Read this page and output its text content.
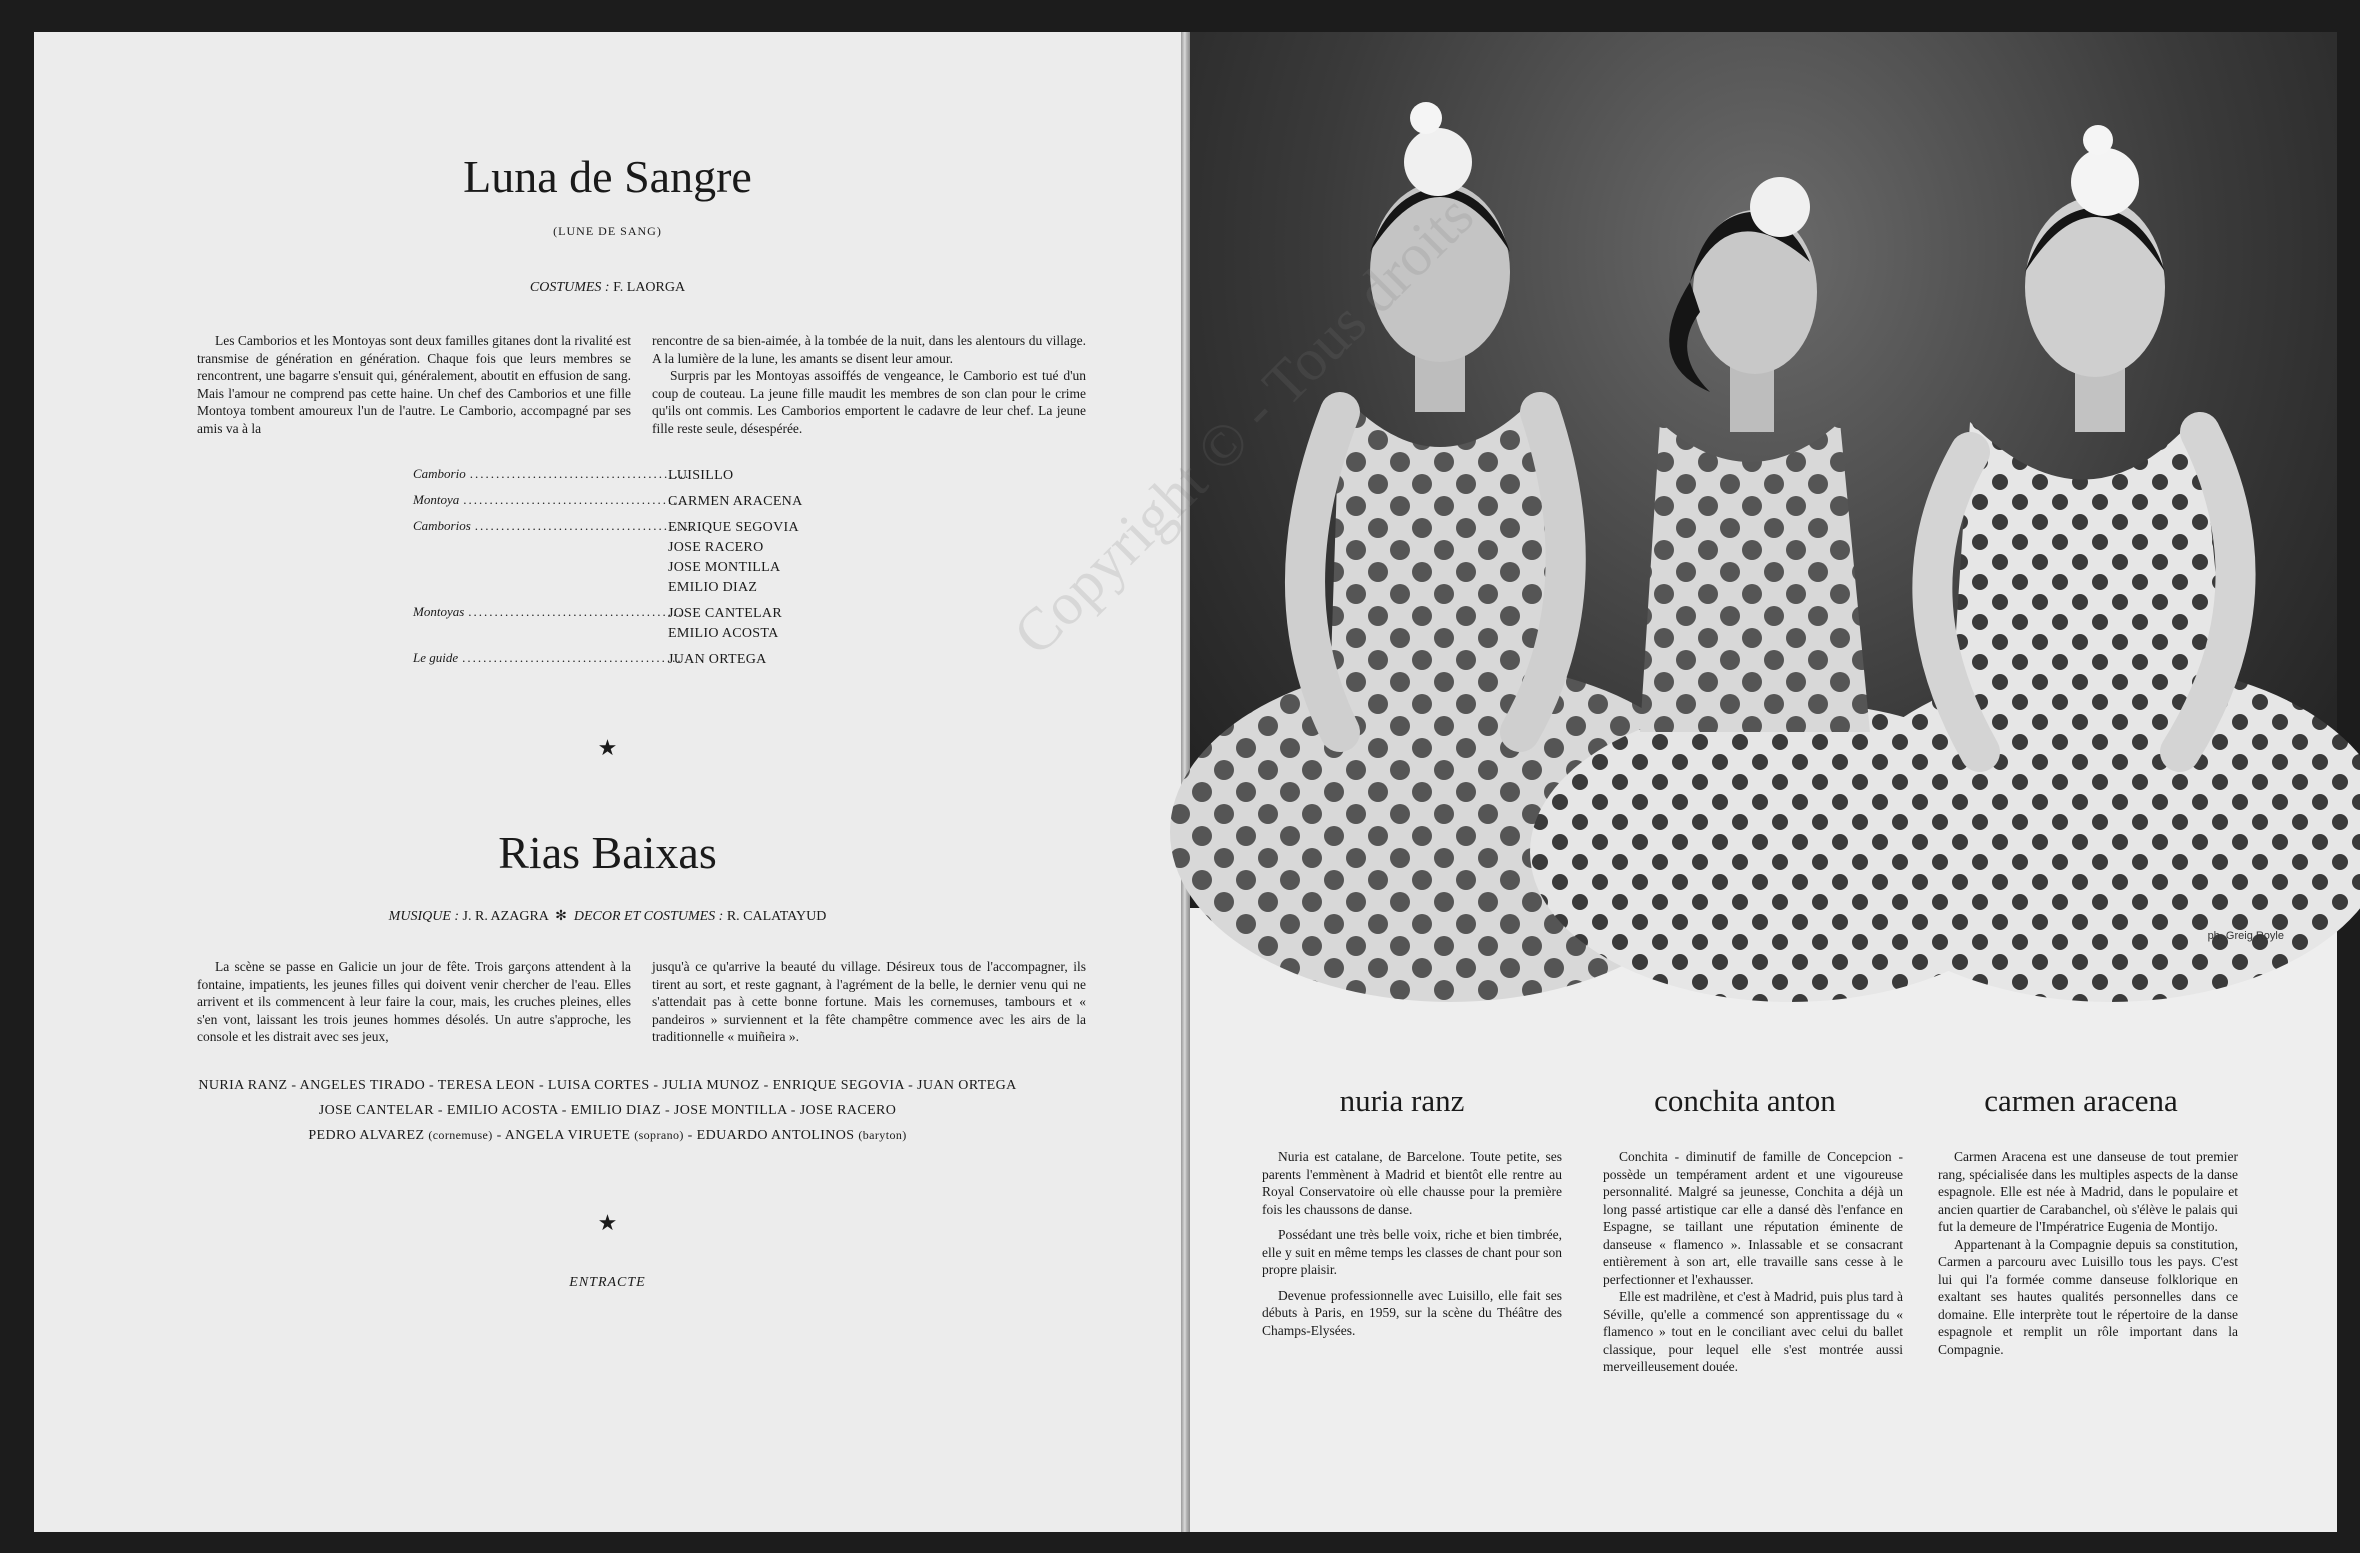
Luna de Sangre
(LUNE DE SANG)
COSTUMES : F. LAORGA
Les Camborios et les Montoyas sont deux familles gitanes dont la rivalité est transmise de génération en génération. Chaque fois que leurs membres se rencontrent, une bagarre s'ensuit qui, généralement, aboutit en effusion de sang. Mais l'amour ne comprend pas cette haine. Un chef des Camborios et une fille Montoya tombent amoureux l'un de l'autre. Le Camborio, accompagné par ses amis va à la
rencontre de sa bien-aimée, à la tombée de la nuit, dans les alentours du village. A la lumière de la lune, les amants se disent leur amour.
Surpris par les Montoyas assoiffés de vengeance, le Camborio est tué d'un coup de couteau. La jeune fille maudit les membres de son clan pour le crime qu'ils ont commis. Les Camborios emportent le cadavre de leur chef. La jeune fille reste seule, désespérée.
Camborio ..........................................
LUISILLO
Montoya ..........................................
CARMEN ARACENA
Camborios ..........................................
ENRIQUE SEGOVIA
JOSE RACERO
JOSE MONTILLA
EMILIO DIAZ
Montoyas ..........................................
JOSE CANTELAR
EMILIO ACOSTA
Le guide ..........................................
JUAN ORTEGA
★
Rias Baixas
MUSIQUE : J. R. AZAGRA  ✻  DECOR ET COSTUMES : R. CALATAYUD
La scène se passe en Galicie un jour de fête. Trois garçons attendent à la fontaine, impatients, les jeunes filles qui doivent venir chercher de l'eau. Elles arrivent et ils commencent à leur faire la cour, mais, les cruches pleines, elles s'en vont, laissant les trois jeunes hommes désolés. Un autre s'approche, les console et les distrait avec ses jeux,
jusqu'à ce qu'arrive la beauté du village. Désireux tous de l'accompagner, ils tirent au sort, et reste gagnant, à l'agrément de la belle, le dernier venu qui ne s'attendait pas à cette bonne fortune. Mais les cornemuses, tambours et « pandeiros » surviennent et la fête champêtre commence avec les airs de la traditionnelle « muiñeira ».
NURIA RANZ - ANGELES TIRADO - TERESA LEON - LUISA CORTES - JULIA MUNOZ - ENRIQUE SEGOVIA - JUAN ORTEGA
JOSE CANTELAR - EMILIO ACOSTA - EMILIO DIAZ - JOSE MONTILLA - JOSE RACERO
PEDRO ALVAREZ (cornemuse) - ANGELA VIRUETE (soprano) - EDUARDO ANTOLINOS (baryton)
★
ENTRACTE
ph. Greig Royle
nuria ranz	conchita anton	carmen aracena

Nuria est catalane, de Barcelone. Toute petite, ses parents l'emmènent à Madrid et bientôt elle rentre au Royal Conservatoire où elle chausse pour la première fois les chaussons de danse.

Possédant une très belle voix, riche et bien timbrée, elle y suit en même temps les classes de chant pour son propre plaisir.

Devenue professionnelle avec Luisillo, elle fait ses débuts à Paris, en 1959, sur la scène du Théâtre des Champs-Elysées.

Conchita - diminutif de famille de Concepcion - possède un tempérament ardent et une vigoureuse personnalité. Malgré sa jeunesse, Conchita a déjà un long passé artistique car elle a dansé dès l'enfance en Espagne, se taillant une réputation éminente de danseuse « flamenco ». Inlassable et se consacrant entièrement à son art, elle travaille sans cesse à le perfectionner et l'exhausser.

Elle est madrilène, et c'est à Madrid, puis plus tard à Séville, qu'elle a commencé son apprentissage du « flamenco » tout en le conciliant avec celui du ballet classique, pour lequel elle s'est montrée aussi merveilleusement douée.

Carmen Aracena est une danseuse de tout premier rang, spécialisée dans les multiples aspects de la danse espagnole. Elle est née à Madrid, dans le populaire et ancien quartier de Carabanchel, où s'élève le palais qui fut la demeure de l'Impératrice Eugenia de Montijo.

Appartenant à la Compagnie depuis sa constitution, Carmen a parcouru avec Luisillo tous les pays. C'est lui qui l'a formée comme danseuse folklorique en exaltant ses hautes qualités personnelles dans ce domaine. Elle interprète tout le répertoire de la danse espagnole et remplit un rôle important dans la Compagnie.
